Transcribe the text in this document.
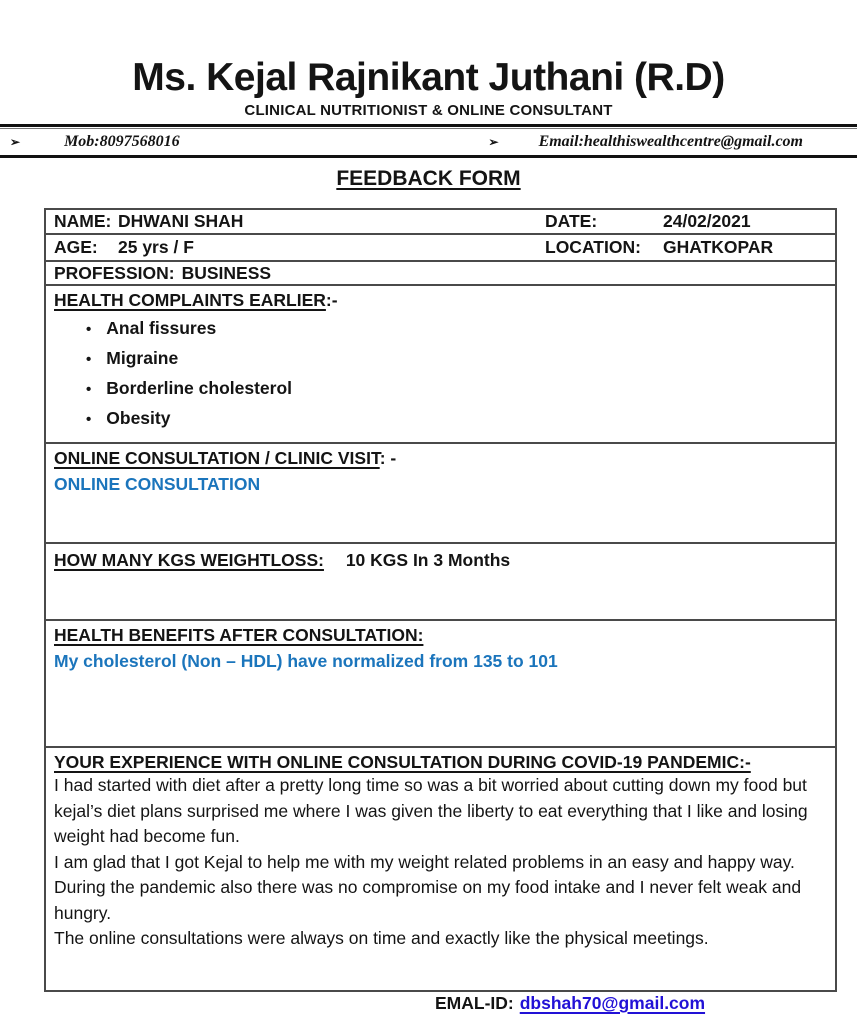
Ms. Kejal Rajnikant Juthani (R.D)
CLINICAL NUTRITIONIST & ONLINE CONSULTANT
➢	Mob:8097568016	➢	Email:healthiswealthcentre@gmail.com
FEEDBACK FORM
NAME: DHWANI SHAH	DATE:	24/02/2021
AGE:	25 yrs / F	LOCATION:	GHATKOPAR
PROFESSION: BUSINESS
HEALTH COMPLAINTS EARLIER:-
• Anal fissures
• Migraine
• Borderline cholesterol
• Obesity
ONLINE CONSULTATION / CLINIC VISIT: -
ONLINE CONSULTATION
HOW MANY KGS WEIGHTLOSS: 10 KGS In 3 Months
HEALTH BENEFITS AFTER CONSULTATION:
My cholesterol (Non – HDL) have normalized from 135 to 101
YOUR EXPERIENCE WITH ONLINE CONSULTATION DURING COVID-19 PANDEMIC:-

I had started with diet after a pretty long time so was a bit worried about cutting down my food but kejal’s diet plans surprised me where I was given the liberty to eat everything that I like and losing weight had become fun.

I am glad that I got Kejal to help me with my weight related problems in an easy and happy way. During the pandemic also there was no compromise on my food intake and I never felt weak and hungry.

The online consultations were always on time and exactly like the physical meetings.

EMAL-ID: dbshah70@gmail.com
